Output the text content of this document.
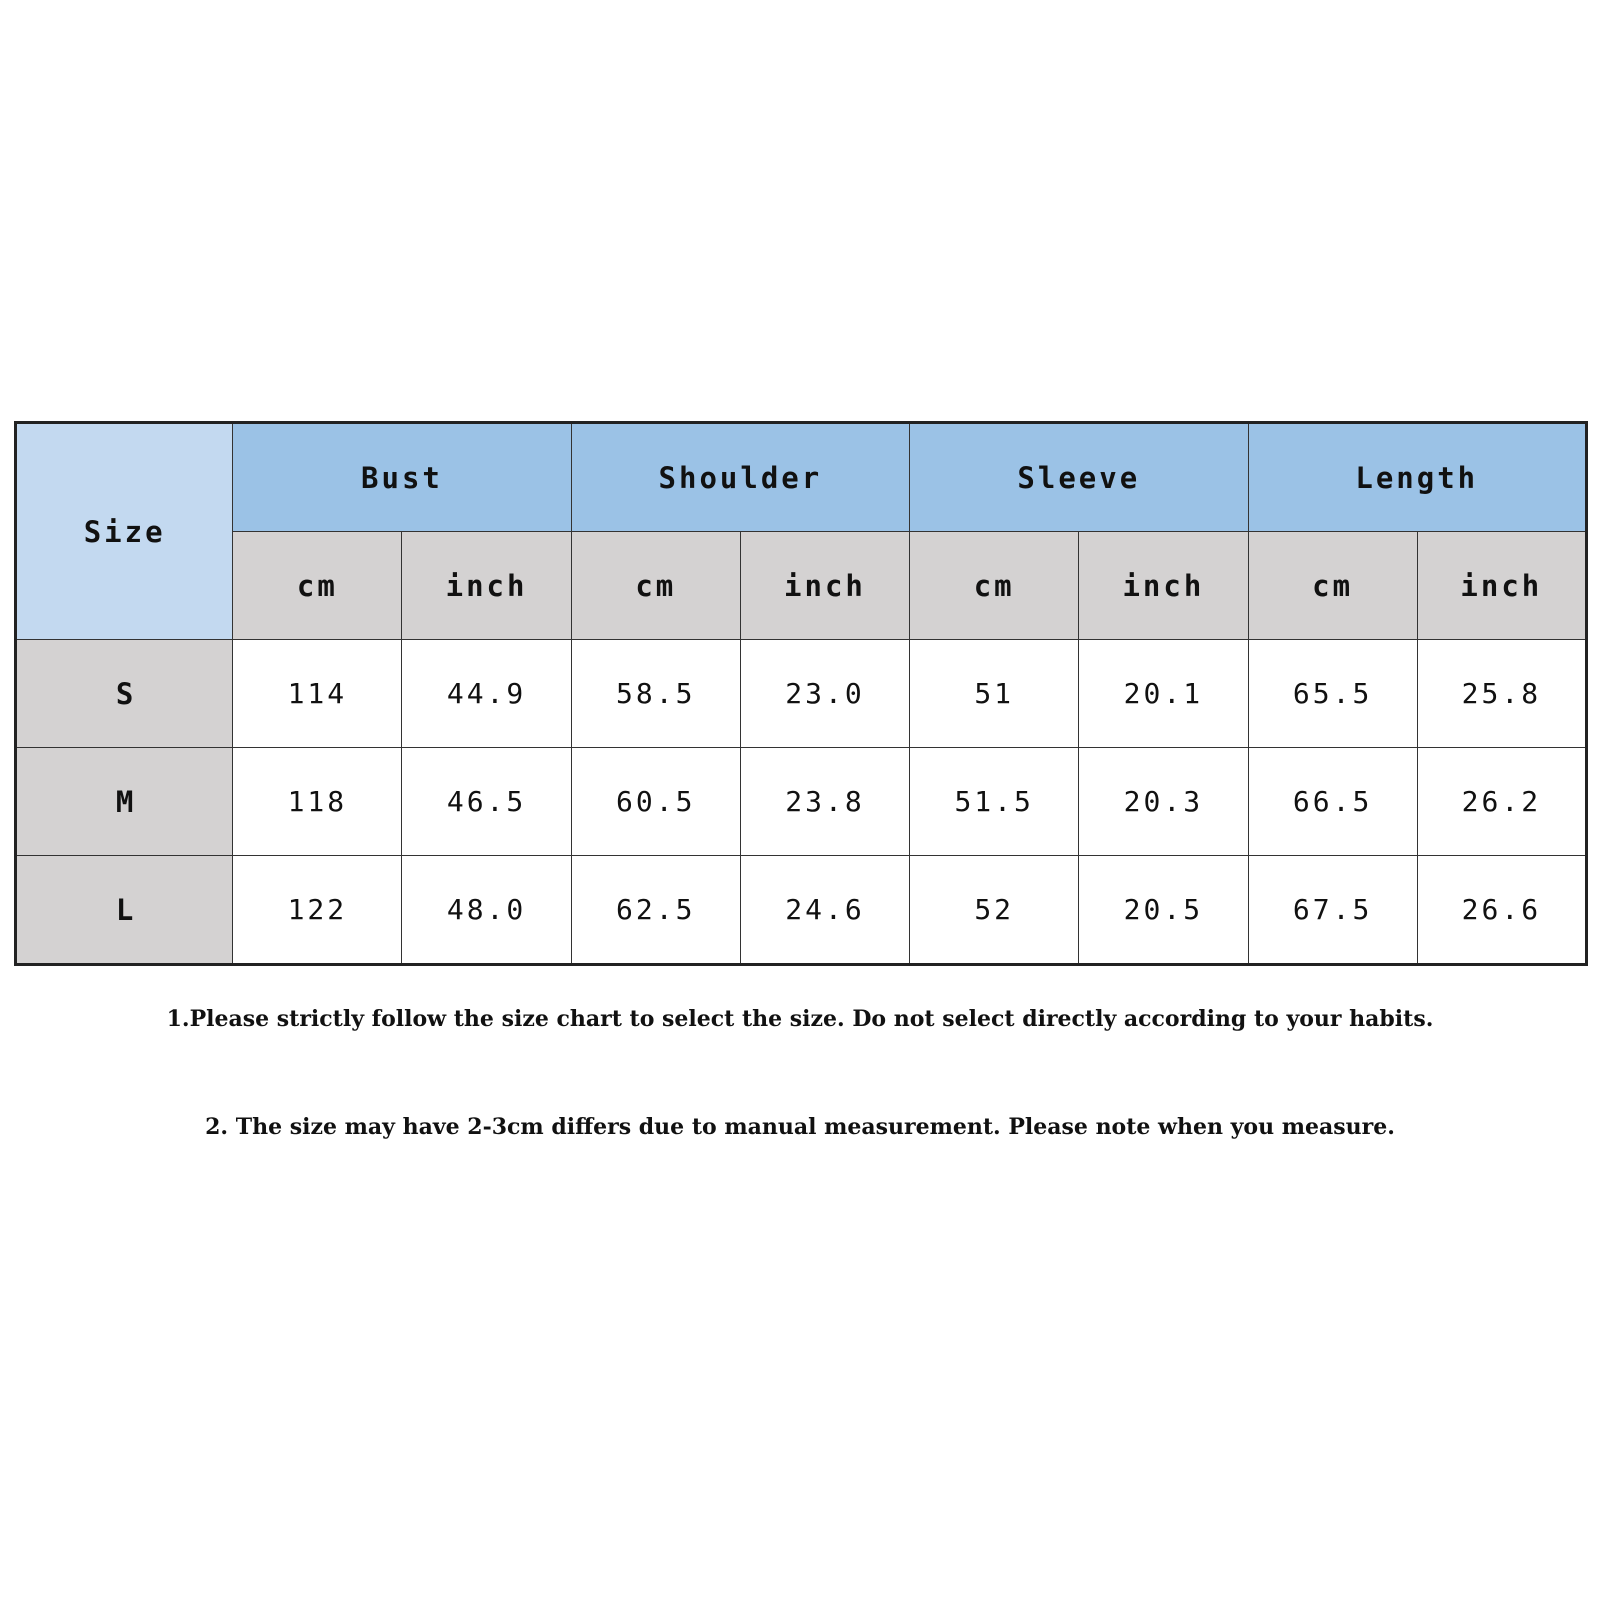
Size	Bust		Shoulder		Sleeve		Length	
	cm	inch	cm	inch	cm	inch	cm	inch
S	114	44.9	58.5	23.0	51	20.1	65.5	25.8
M	118	46.5	60.5	23.8	51.5	20.3	66.5	26.2
L	122	48.0	62.5	24.6	52	20.5	67.5	26.6
1.Please strictly follow the size chart to select the size. Do not select directly according to your habits.
2. The size may have 2-3cm differs due to manual measurement. Please note when you measure.
